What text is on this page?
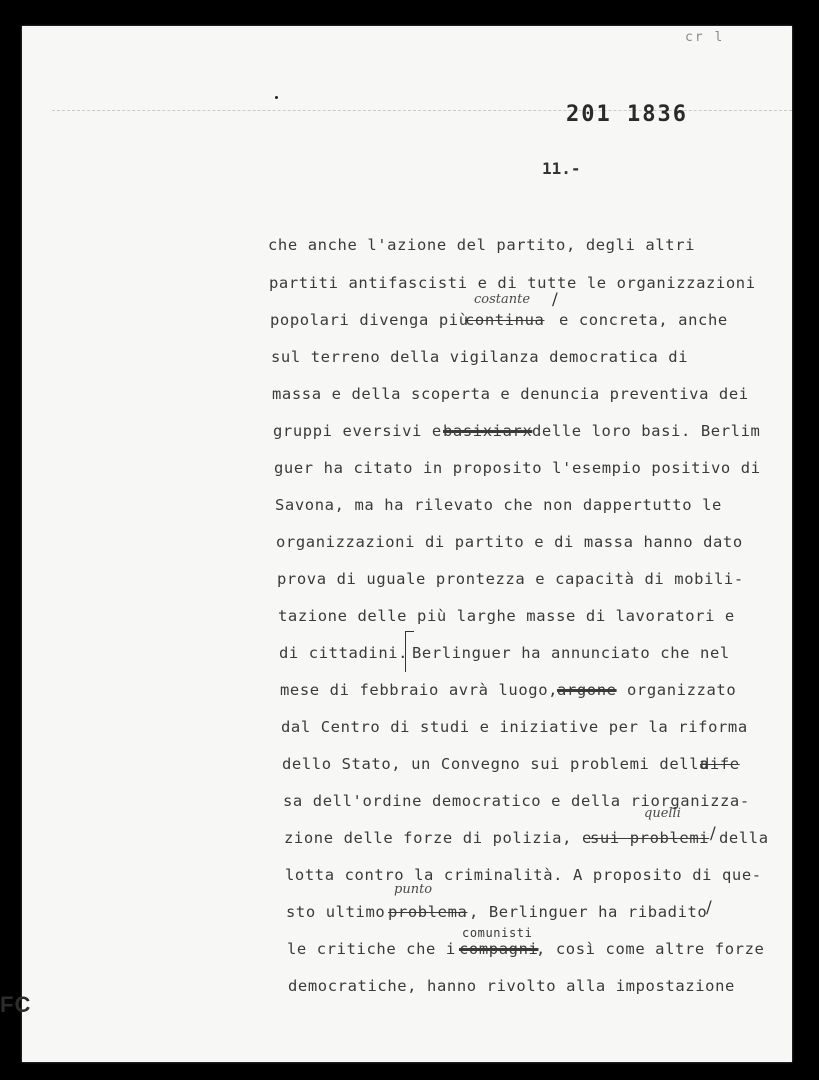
cr l
201 1836
11.-
che anche l'azione del partito, degli altri
partiti antifascisti e di tutte le organizzazioni
popolari divenga più
continua
costante /
e concreta, anche
sul terreno della vigilanza democratica di
massa e della scoperta e denuncia preventiva dei
gruppi eversivi e basixiarx delle loro basi. Berlim
guer ha citato in proposito l'esempio positivo di
Savona, ma ha rilevato che non dappertutto le
organizzazioni di partito e di massa hanno dato
prova di uguale prontezza e capacità di mobili-
tazione delle più larghe masse di lavoratori e
di cittadini. Berlinguer ha annunciato che nel
mese di febbraio avrà luogo,
argone organizzato
dal Centro di studi e iniziative per la riforma
dello Stato, un Convegno sui problemi della
dife
sa dell'ordine democratico e della riorganizza-
zione delle forze di polizia, e
sui problemi
quelli
/ della
lotta contro la criminalità. A proposito di que-
sto ultimo problema
punto
, Berlinguer ha ribadito
/
le critiche che i compagni
comunisti
, così come altre forze
democratiche, hanno rivolto alla impostazione
FC
